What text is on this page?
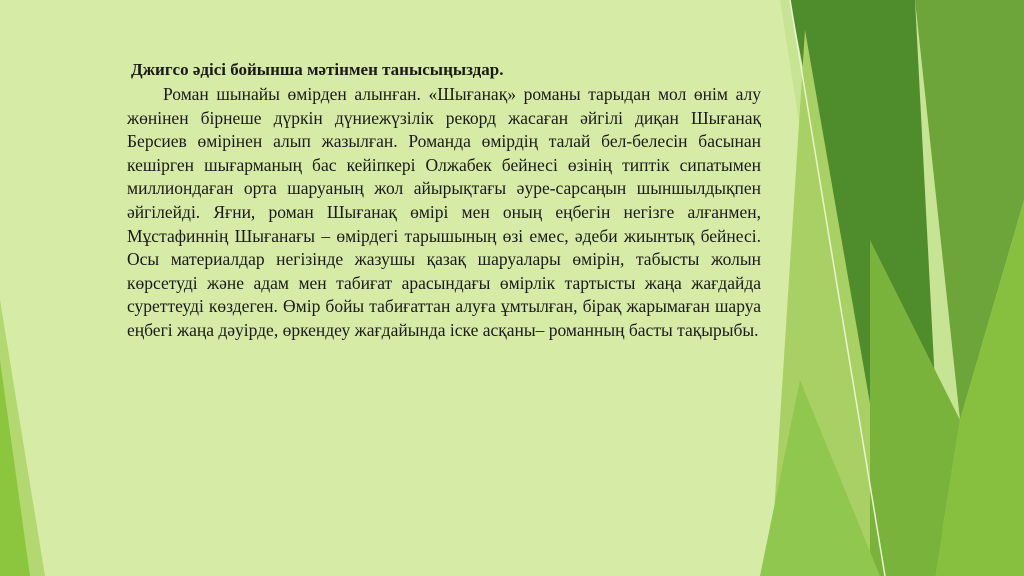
Джигсо әдісі бойынша мәтінмен танысыңыздар.

Роман шынайы өмірден алынған. «Шығанақ» романы тарыдан мол өнім алу жөнінен бірнеше дүркін дүниежүзілік рекорд жасаған әйгілі диқан Шығанақ Берсиев өмірінен алып жазылған. Романда өмірдің талай бел-белесін басынан кешірген шығарманың бас кейіпкері Олжабек бейнесі өзінің типтік сипатымен миллиондаған орта шаруаның жол айырықтағы әуре-сарсаңын шыншылдықпен әйгілейді. Яғни, роман Шығанақ өмірі мен оның еңбегін негізге алғанмен, Мұстафиннің Шығанағы – өмірдегі тарышының өзі емес, әдеби жиынтық бейнесі. Осы материалдар негізінде жазушы қазақ шаруалары өмірін, табысты жолын көрсетуді және адам мен табиғат арасындағы өмірлік тартысты жаңа жағдайда суреттеуді көздеген. Өмір бойы табиғаттан алуға ұмтылған, бірақ жарымаған шаруа еңбегі жаңа дәуірде, өркендеу жағдайында іске асқаны– романның басты тақырыбы.
